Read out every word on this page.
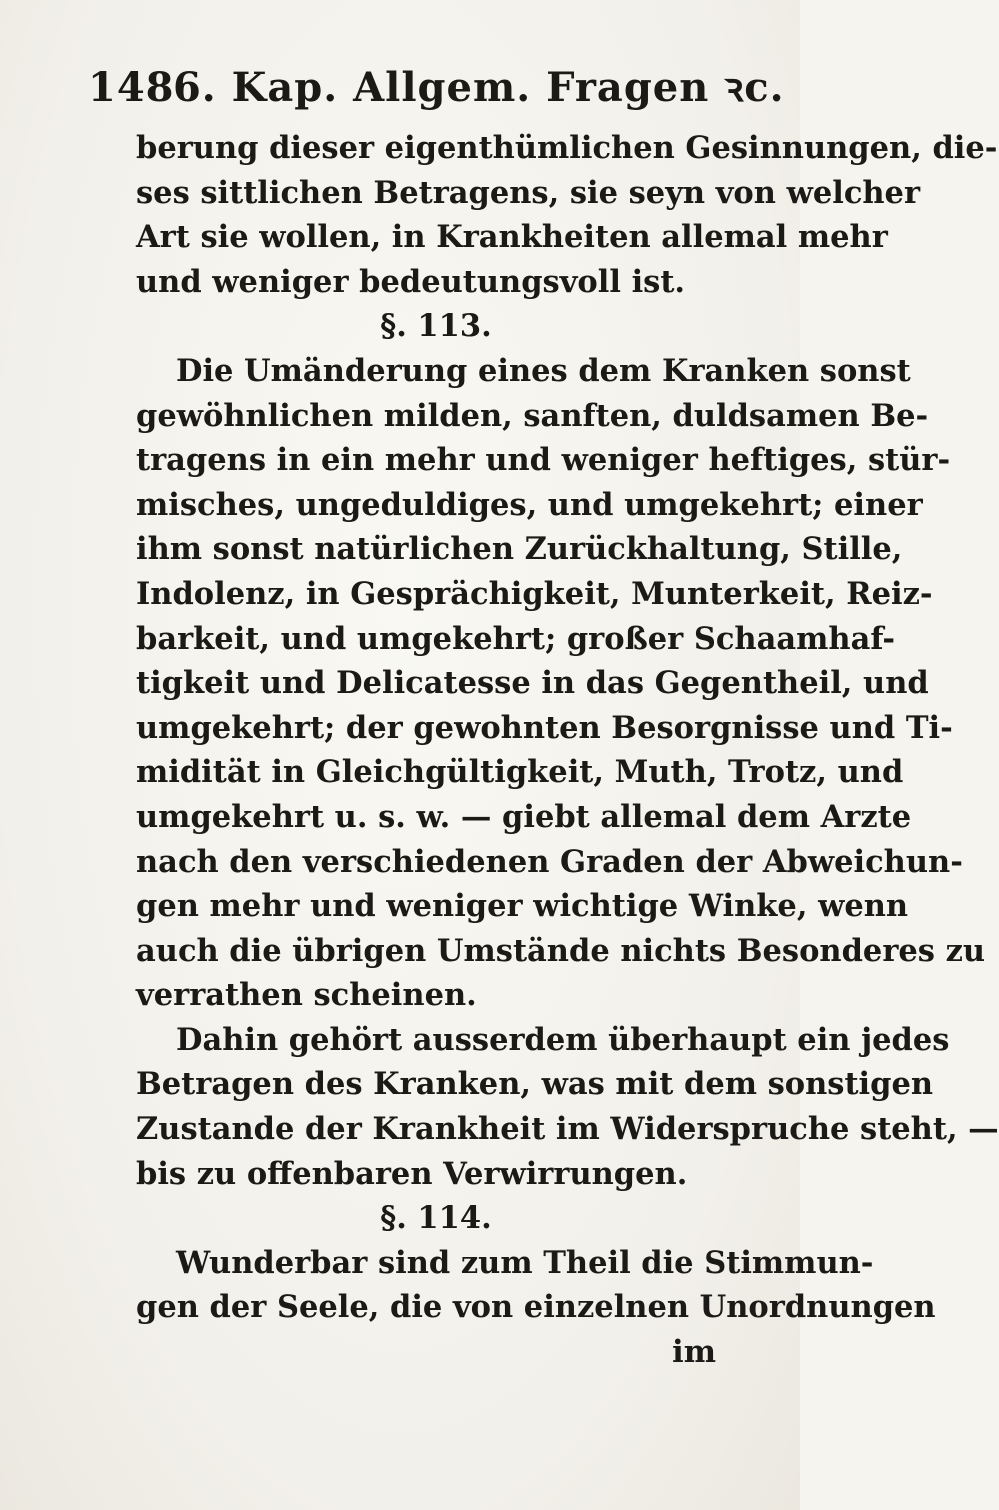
148 6. Kap. Allgem. Fragen ꝛc.
berung dieser eigenthümlichen Gesinnungen, die-
ses sittlichen Betragens, sie seyn von welcher
Art sie wollen, in Krankheiten allemal mehr
und weniger bedeutungsvoll ist.
§. 113.
Die Umänderung eines dem Kranken sonst
gewöhnlichen milden, sanften, duldsamen Be-
tragens in ein mehr und weniger heftiges, stür-
misches, ungeduldiges, und umgekehrt; einer
ihm sonst natürlichen Zurückhaltung, Stille,
Indolenz, in Gesprächigkeit, Munterkeit, Reiz-
barkeit, und umgekehrt; großer Schaamhaf-
tigkeit und Delicatesse in das Gegentheil, und
umgekehrt; der gewohnten Besorgnisse und Ti-
midität in Gleichgültigkeit, Muth, Trotz, und
umgekehrt u. s. w. — giebt allemal dem Arzte
nach den verschiedenen Graden der Abweichun-
gen mehr und weniger wichtige Winke, wenn
auch die übrigen Umstände nichts Besonderes zu
verrathen scheinen.
Dahin gehört ausserdem überhaupt ein jedes
Betragen des Kranken, was mit dem sonstigen
Zustande der Krankheit im Widerspruche steht, —
bis zu offenbaren Verwirrungen.
§. 114.
Wunderbar sind zum Theil die Stimmun-
gen der Seele, die von einzelnen Unordnungen
im
